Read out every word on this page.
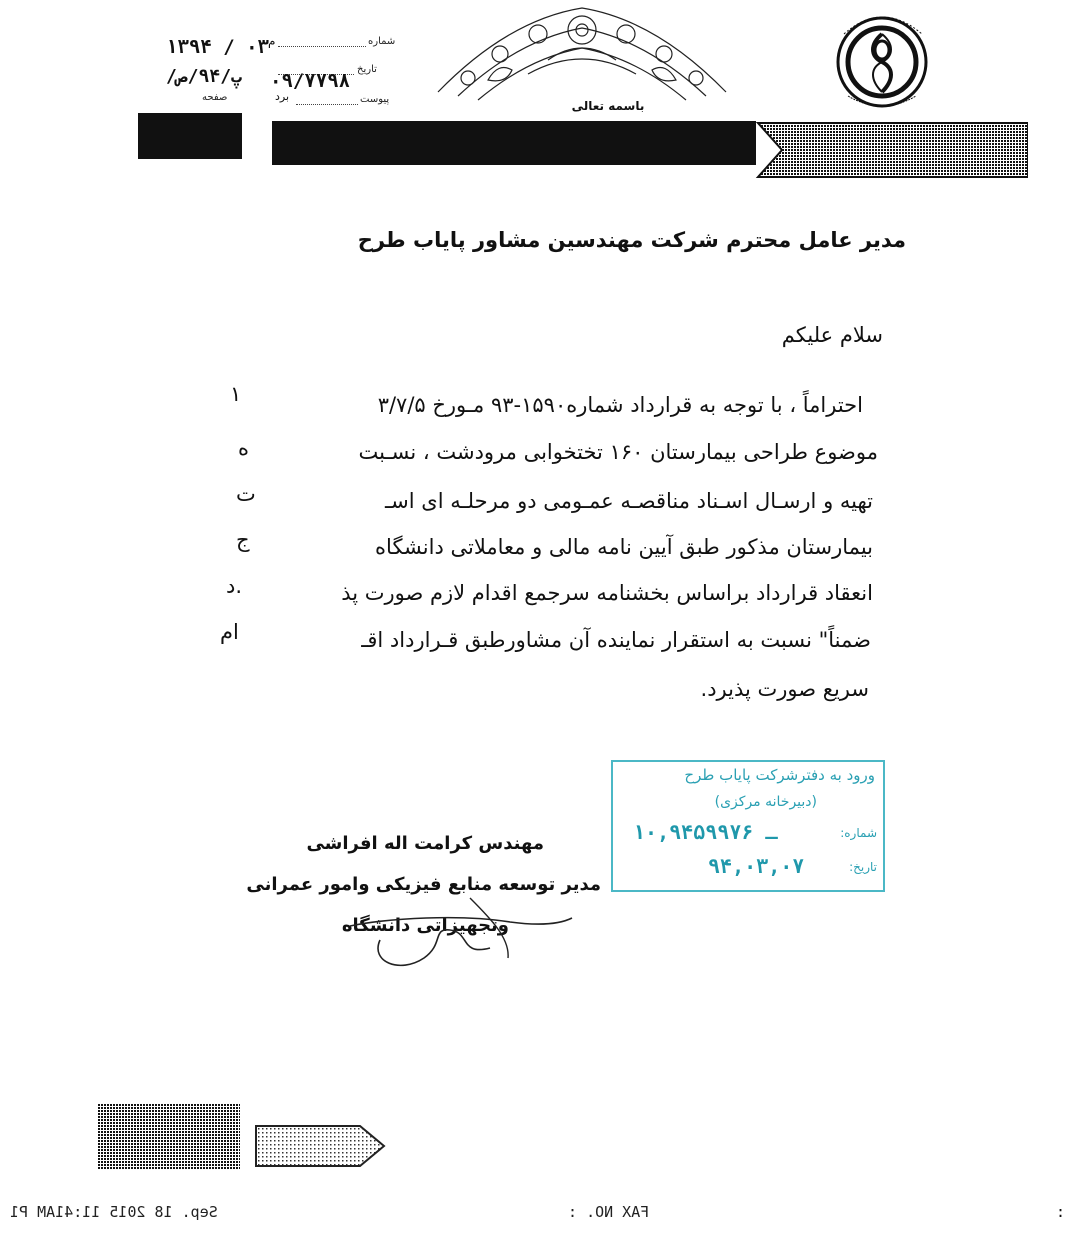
باسمه تعالی
شماره
م
تاریخ
پیوست
برد
۱۳۹۴ / ۰۳
/پ/۹۴/ص
صفحه
۰۹/۷۷۹۸
مدیر عامل محترم شرکت مهندسین مشاور پایاب طرح
سلام علیکم
احتراماً ، با توجه به قرارداد شماره۱۵۹۰-۹۳ مـورخ ۳/۷/۵
موضوع طراحی بیمارستان ۱۶۰ تختخوابی مرودشت ، نسـبت
تهیه و ارسـال اسـناد مناقصـه عمـومی دو مرحلـه ای اسـ
بیمارستان مذکور طبق آیین نامه مالی و معاملاتی دانشگاه
انعقاد قرارداد براساس بخشنامه سرجمع اقدام لازم صورت پذ
ضمناً" نسبت به استقرار نماینده آن مشاورطبق قـرارداد اقـ
سریع صورت پذیرد.
۱
ه
ت
ج
د.
ام
ورود به دفترشرکت پایاب طرح
(دبیرخانه مرکزی)
شماره:
تاریخ:
۱۰,۹۴ـ ۵۹۹۷۶
۹۴,۰۳,۰۷
مهندس کرامت اله افراشی
مدیر توسعه منابع فیزیکی وامور عمرانی
وتجهیزاتی دانشگاه
Sep. 18 2015 11:41AM P1	FAX NO. :	:
